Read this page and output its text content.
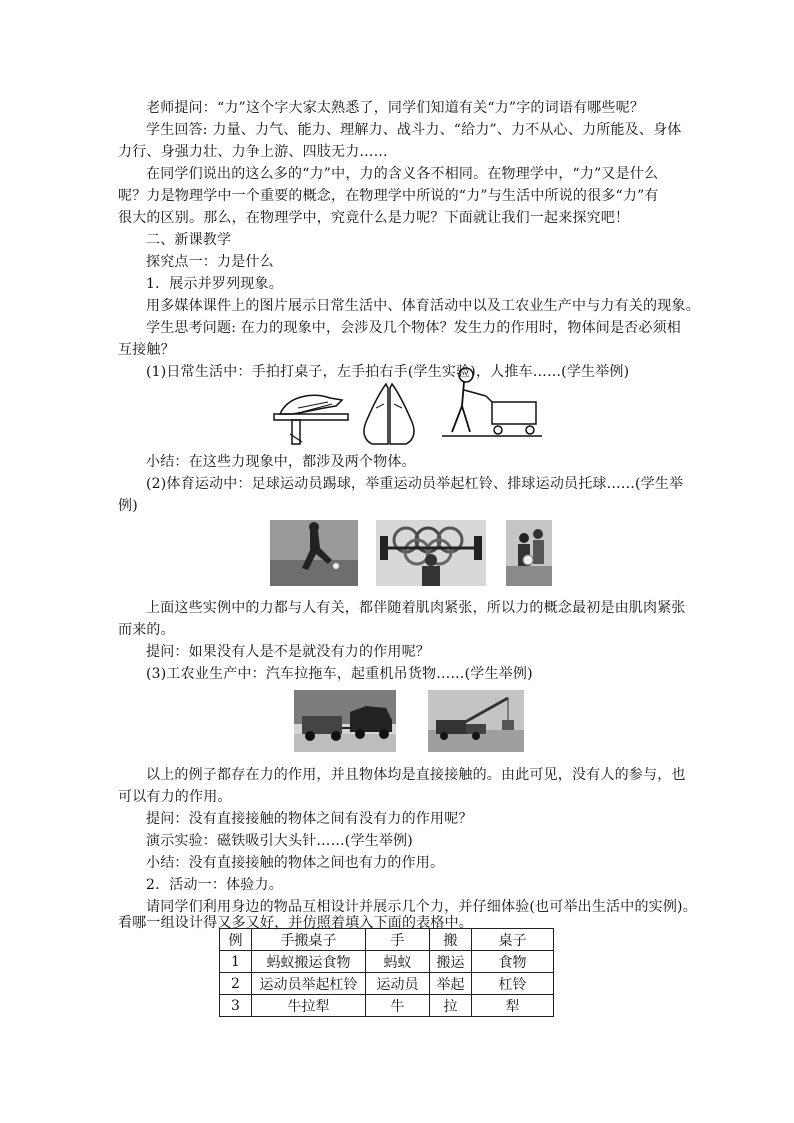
老师提问：“力”这个字大家太熟悉了，同学们知道有关“力”字的词语有哪些呢？
学生回答: 力量、力气、能力、理解力、战斗力、“给力”、力不从心、力所能及、身体
力行、身强力壮、力争上游、四肢无力……
在同学们说出的这么多的“力”中，力的含义各不相同。在物理学中，“力”又是什么
呢？力是物理学中一个重要的概念，在物理学中所说的“力”与生活中所说的很多“力”有
很大的区别。那么，在物理学中，究竟什么是力呢？下面就让我们一起来探究吧！
二、新课教学
探究点一：力是什么
1．展示并罗列现象。
用多媒体课件上的图片展示日常生活中、体育活动中以及工农业生产中与力有关的现象。
学生思考问题: 在力的现象中，会涉及几个物体？发生力的作用时，物体间是否必须相
互接触？
(1)日常生活中：手拍打桌子，左手拍右手(学生实验)，人推车……(学生举例)
小结：在这些力现象中，都涉及两个物体。
(2)体育运动中：足球运动员踢球，举重运动员举起杠铃、排球运动员托球……(学生举
例)
上面这些实例中的力都与人有关，都伴随着肌肉紧张，所以力的概念最初是由肌肉紧张
而来的。
提问：如果没有人是不是就没有力的作用呢？
(3)工农业生产中：汽车拉拖车，起重机吊货物……(学生举例)
以上的例子都存在力的作用，并且物体均是直接接触的。由此可见，没有人的参与，也
可以有力的作用。
提问：没有直接接触的物体之间有没有力的作用呢？
演示实验：磁铁吸引大头针……(学生举例)
小结：没有直接接触的物体之间也有力的作用。
2．活动一：体验力。
请同学们利用身边的物品互相设计并展示几个力，并仔细体验(也可举出生活中的实例)。
看哪一组设计得又多又好，并仿照着填入下面的表格中。
例	手搬桌子	手	搬	桌子
1	蚂蚁搬运食物	蚂蚁	搬运	食物
2	运动员举起杠铃	运动员	举起	杠铃
3	牛拉犁	牛	拉	犁
